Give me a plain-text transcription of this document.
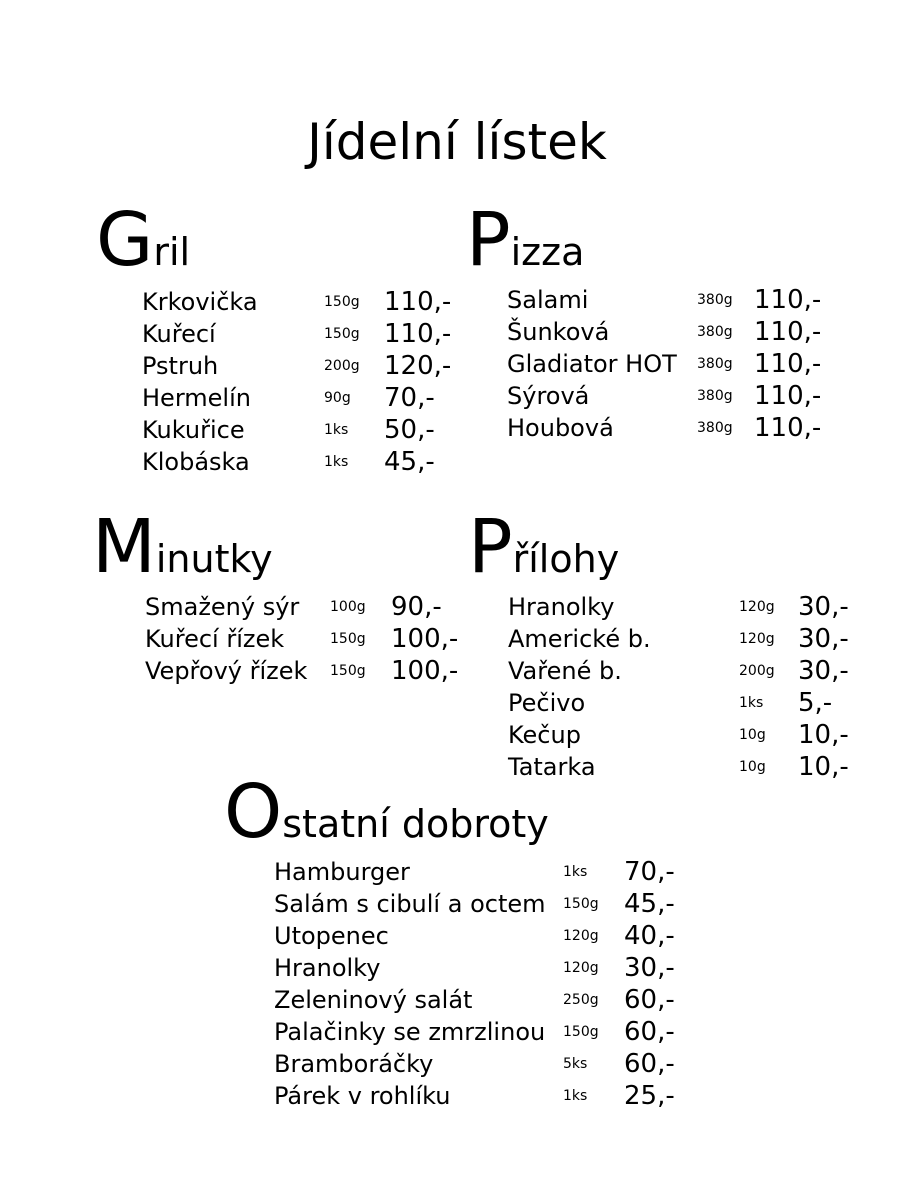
Jídelní lístek
Gril
Krkovička	150g 110,-
Kuřecí	150g 110,-
Pstruh	200g 120,-
Hermelín	90g 70,-
Kukuřice	1ks 50,-
Klobáska	1ks 45,-
Pizza
Salami	380g 110,-
Šunková	380g 110,-
Gladiator HOT 380g 110,-
Sýrová	380g 110,-
Houbová	380g 110,-
Minutky
Smažený sýr 100g 90,-
Kuřecí řízek	150g 100,-
Vepřový řízek 150g 100,-
Přílohy
Hranolky	120g 30,-
Americké b.	120g 30,-
Vařené b.	200g 30,-
Pečivo	1ks 5,-
Kečup	10g 10,-
Tatarka	10g 10,-
Ostatní dobroty
Hamburger	1ks 70,-
Salám s cibulí a octem 150g 45,-
Utopenec	120g 40,-
Hranolky	120g 30,-
Zeleninový salát	250g 60,-
Palačinky se zmrzlinou 150g 60,-
Bramboráčky	5ks 60,-
Párek v rohlíku	1ks 25,-
